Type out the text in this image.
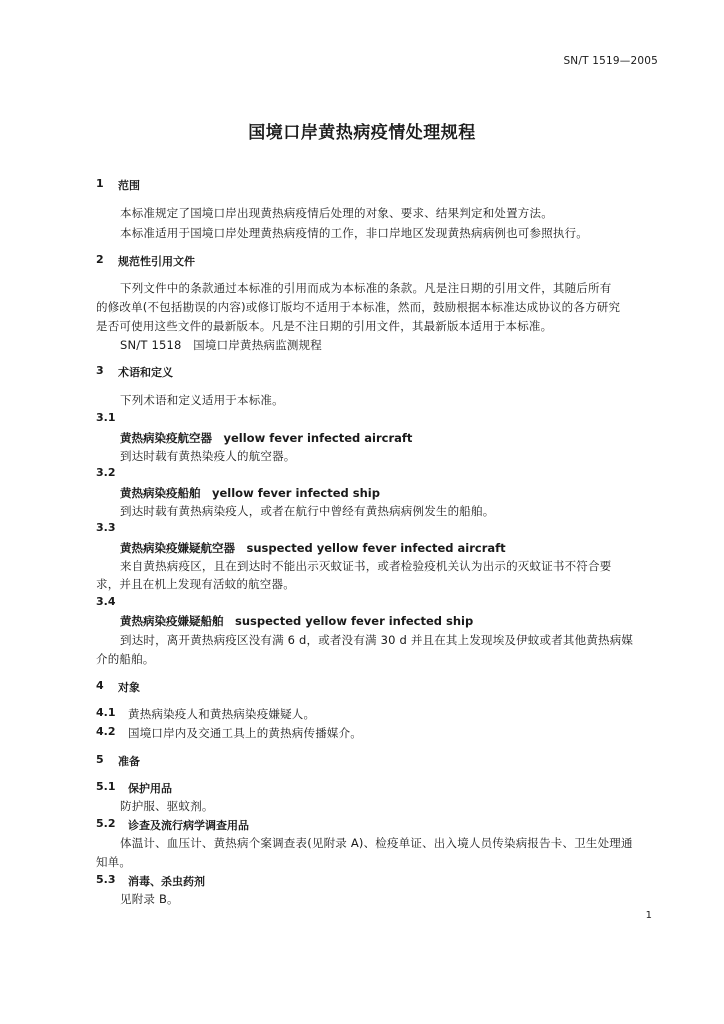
SN/T 1519—2005
国境口岸黄热病疫情处理规程
1 范围
本标准规定了国境口岸出现黄热病疫情后处理的对象、要求、结果判定和处置方法。
本标准适用于国境口岸处理黄热病疫情的工作，非口岸地区发现黄热病病例也可参照执行。
2 规范性引用文件
下列文件中的条款通过本标准的引用而成为本标准的条款。凡是注日期的引用文件，其随后所有
的修改单(不包括勘误的内容)或修订版均不适用于本标准，然而，鼓励根据本标准达成协议的各方研究
是否可使用这些文件的最新版本。凡是不注日期的引用文件，其最新版本适用于本标准。
SN/T 1518　国境口岸黄热病监测规程
3 术语和定义
下列术语和定义适用于本标准。
3.1
黄热病染疫航空器　yellow fever infected aircraft
到达时载有黄热染疫人的航空器。
3.2
黄热病染疫船舶　yellow fever infected ship
到达时载有黄热病染疫人，或者在航行中曾经有黄热病病例发生的船舶。
3.3
黄热病染疫嫌疑航空器　suspected yellow fever infected aircraft
来自黄热病疫区，且在到达时不能出示灭蚊证书，或者检验疫机关认为出示的灭蚊证书不符合要
求，并且在机上发现有活蚊的航空器。
3.4
黄热病染疫嫌疑船舶　suspected yellow fever infected ship
到达时，离开黄热病疫区没有满 6 d，或者没有满 30 d 并且在其上发现埃及伊蚊或者其他黄热病媒
介的船舶。
4 对象
4.1 黄热病染疫人和黄热病染疫嫌疑人。
4.2 国境口岸内及交通工具上的黄热病传播媒介。
5 准备
5.1 保护用品
防护服、驱蚊剂。
5.2 诊查及流行病学调查用品
体温计、血压计、黄热病个案调查表(见附录 A)、检疫单证、出入境人员传染病报告卡、卫生处理通
知单。
5.3 消毒、杀虫药剂
见附录 B。
1
